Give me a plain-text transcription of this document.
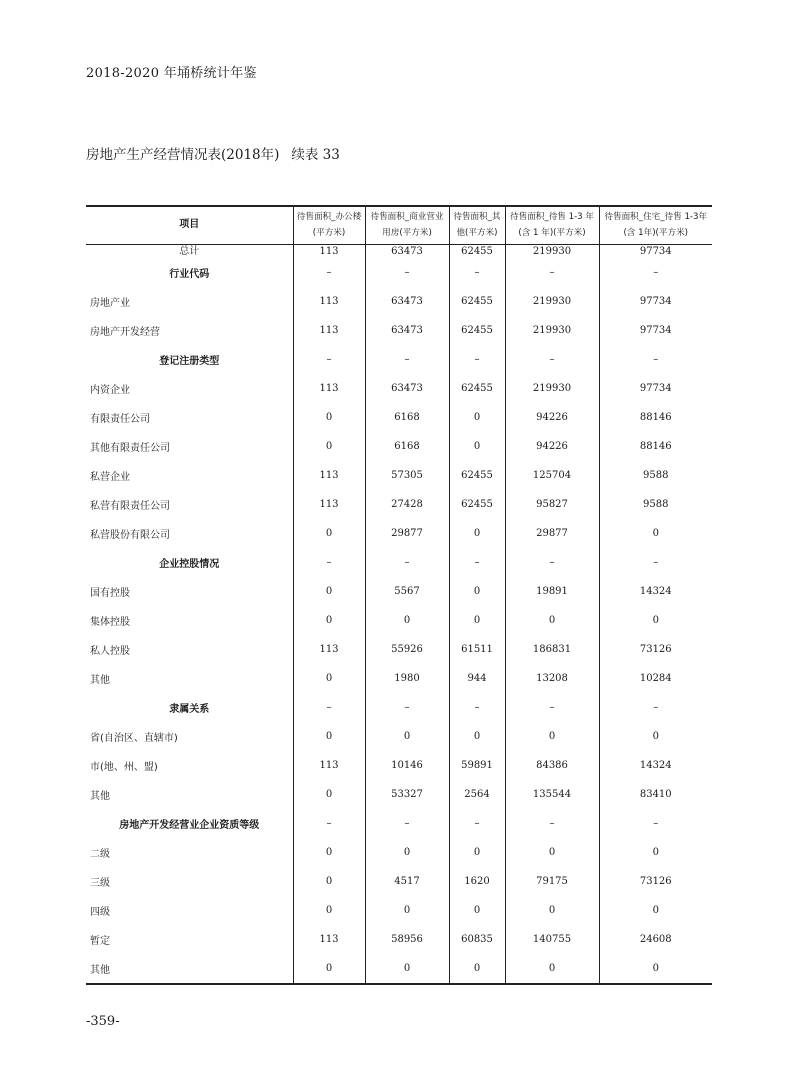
2018-2020 年埇桥统计年鉴
房地产生产经营情况表(2018年) 续表 33
项目	待售面积_办公楼(平方米)	待售面积_商业营业用房(平方米)	待售面积_其他(平方米)	待售面积_待售 1-3 年(含 1 年)(平方米)	待售面积_住宅_待售 1-3年(含 1年)(平方米)
总计	113	63473	62455	219930	97734
行业代码	–	–	–	–	–
房地产业	113	63473	62455	219930	97734
房地产开发经营	113	63473	62455	219930	97734
登记注册类型	–	–	–	–	–
内资企业	113	63473	62455	219930	97734
有限责任公司	0	6168	0	94226	88146
其他有限责任公司	0	6168	0	94226	88146
私营企业	113	57305	62455	125704	9588
私营有限责任公司	113	27428	62455	95827	9588
私营股份有限公司	0	29877	0	29877	0
企业控股情况	–	–	–	–	–
国有控股	0	5567	0	19891	14324
集体控股	0	0	0	0	0
私人控股	113	55926	61511	186831	73126
其他	0	1980	944	13208	10284
隶属关系	–	–	–	–	–
省(自治区、直辖市)	0	0	0	0	0
市(地、州、盟)	113	10146	59891	84386	14324
其他	0	53327	2564	135544	83410
房地产开发经营业企业资质等级	–	–	–	–	–
二级	0	0	0	0	0
三级	0	4517	1620	79175	73126
四级	0	0	0	0	0
暂定	113	58956	60835	140755	24608
其他	0	0	0	0	0
-359-
